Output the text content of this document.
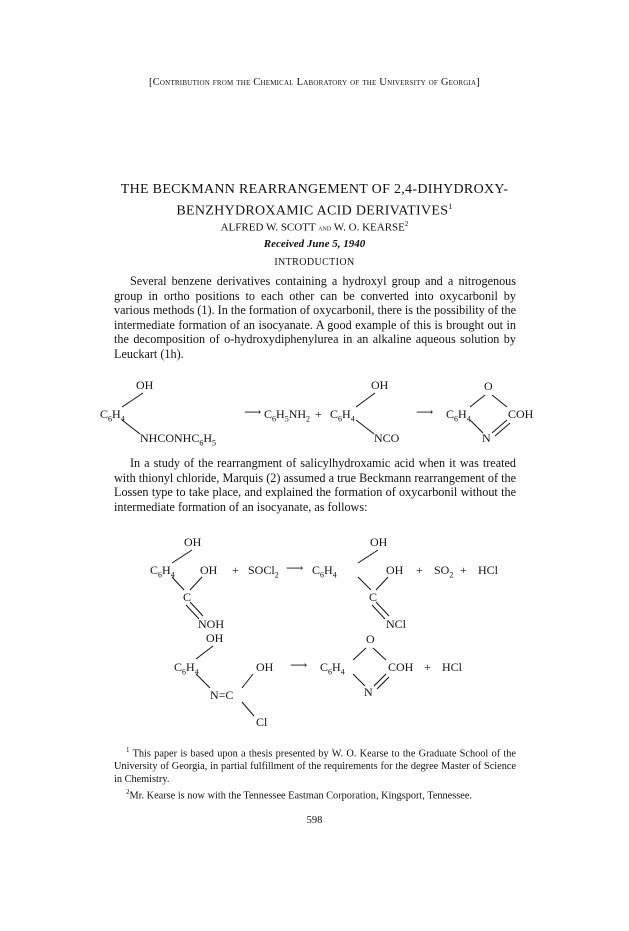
[Contribution from the Chemical Laboratory of the University of Georgia]
THE BECKMANN REARRANGEMENT OF 2,4-DIHYDROXY-
BENZHYDROXAMIC ACID DERIVATIVES$^1$
ALFRED W. SCOTT and W. O. KEARSE$^2$
Received June 5, 1940
INTRODUCTION
Several benzene derivatives containing a hydroxyl group and a nitrogenous group in ortho positions to each other can be converted into oxycarbonil by various methods (1). In the formation of oxycarbonil, there is the possibility of the intermediate formation of an isocyanate. A good example of this is brought out in the decomposition of o-hydroxydiphenylurea in an alkaline aqueous solution by Leuckart (1h).
OH
$C_6H_4$
$NHCONHC_6H_5$
⟶ $C_6H_5NH_2$ +
OH
$C_6H_4$
NCO
⟶
O
$C_6H_4$	COH
N
In a study of the rearrangment of salicylhydroxamic acid when it was treated with thionyl chloride, Marquis (2) assumed a true Beckmann rearrangement of the Lossen type to take place, and explained the formation of oxycarbonil without the intermediate formation of an isocyanate, as follows:
OH
$C_6H_4$ OH
C
NOH
+ SOCl$_2$ ⟶
OH
$C_6H_4$	OH
C
NCl
+ $SO_2$ + HCl
OH
$C_6H_4$	OH
N=C
Cl
⟶
O
$C_6H_4$	COH
N
+ HCl

$^1$ This paper is based upon a thesis presented by W. O. Kearse to the Graduate School of the University of Georgia, in partial fulfillment of the requirements for the degree Master of Science in Chemistry.

$^2$Mr. Kearse is now with the Tennessee Eastman Corporation, Kingsport, Tennessee.

598
